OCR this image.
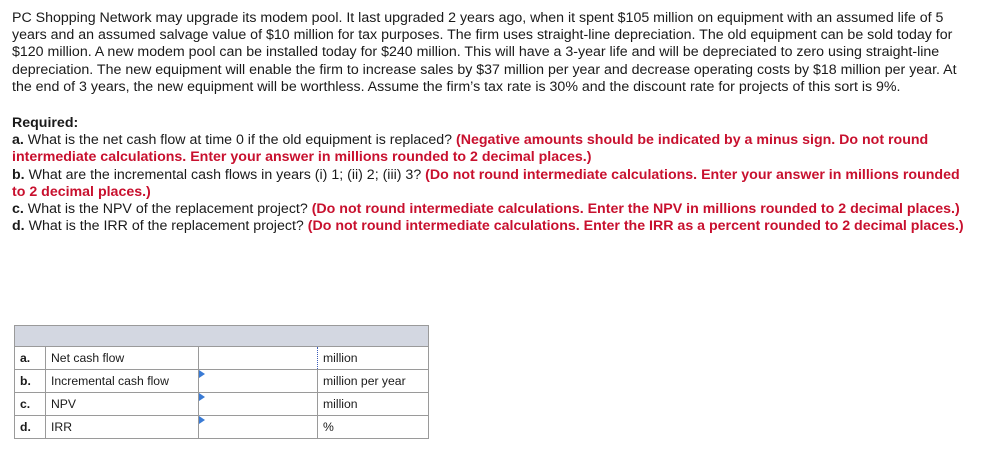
PC Shopping Network may upgrade its modem pool. It last upgraded 2 years ago, when it spent $105 million on equipment with an assumed life of 5 years and an assumed salvage value of $10 million for tax purposes. The firm uses straight-line depreciation. The old equipment can be sold today for $120 million. A new modem pool can be installed today for $240 million. This will have a 3-year life and will be depreciated to zero using straight-line depreciation. The new equipment will enable the firm to increase sales by $37 million per year and decrease operating costs by $18 million per year. At the end of 3 years, the new equipment will be worthless. Assume the firm’s tax rate is 30% and the discount rate for projects of this sort is 9%.

Required:
a. What is the net cash flow at time 0 if the old equipment is replaced? (Negative amounts should be indicated by a minus sign. Do not round intermediate calculations. Enter your answer in millions rounded to 2 decimal places.)
b. What are the incremental cash flows in years (i) 1; (ii) 2; (iii) 3? (Do not round intermediate calculations. Enter your answer in millions rounded to 2 decimal places.)
c. What is the NPV of the replacement project? (Do not round intermediate calculations. Enter the NPV in millions rounded to 2 decimal places.)
d. What is the IRR of the replacement project? (Do not round intermediate calculations. Enter the IRR as a percent rounded to 2 decimal places.)

a.	Net cash flow		million
b.	Incremental cash flow		million per year
c.	NPV		million
d.	IRR		%
